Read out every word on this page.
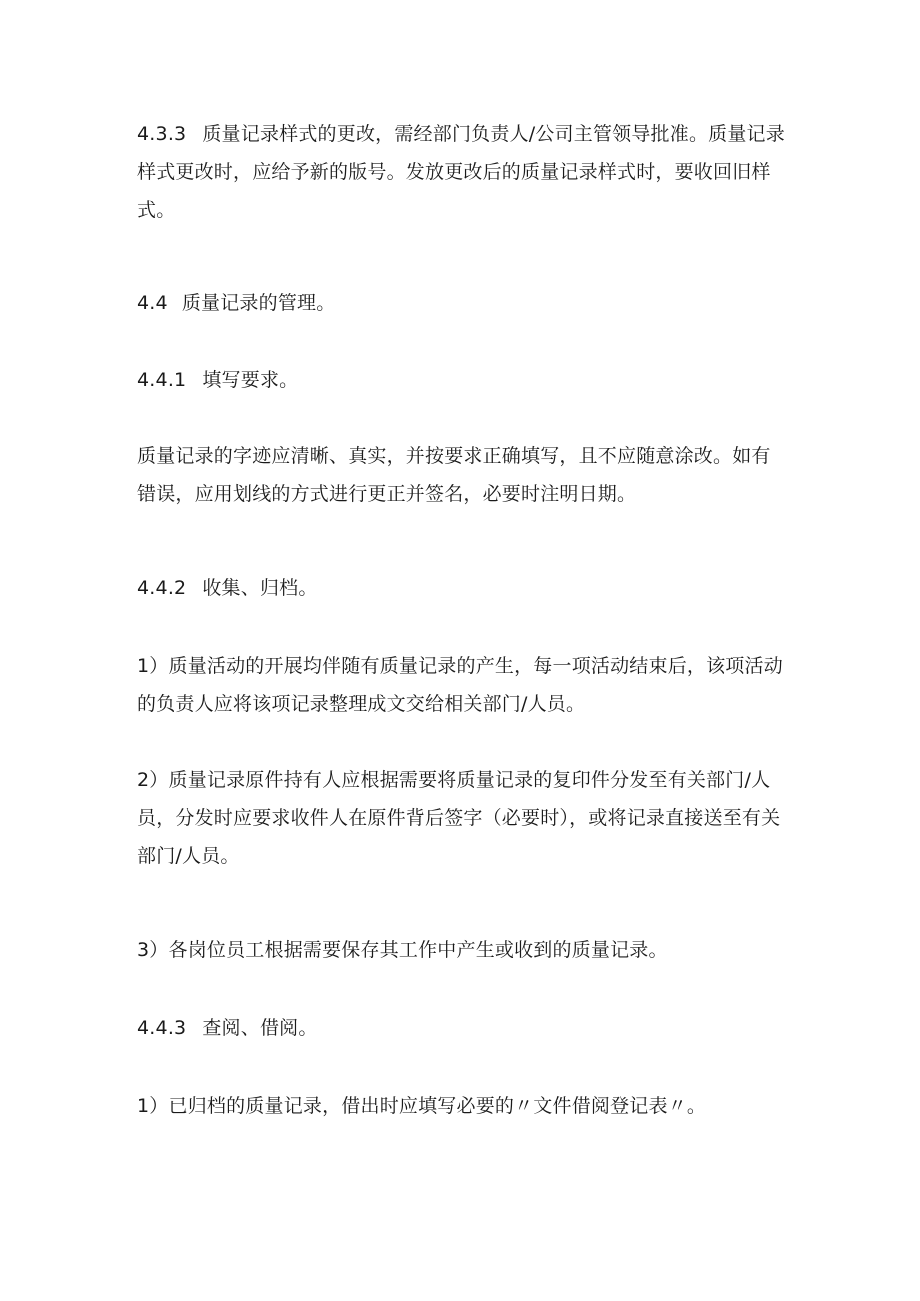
4.3.3 质量记录样式的更改，需经部门负责人/公司主管领导批准。质量记录样式更改时，应给予新的版号。发放更改后的质量记录样式时，要收回旧样式。

4.4 质量记录的管理。

4.4.1 填写要求。

质量记录的字迹应清晰、真实，并按要求正确填写，且不应随意涂改。如有错误，应用划线的方式进行更正并签名，必要时注明日期。

4.4.2 收集、归档。

1）质量活动的开展均伴随有质量记录的产生，每一项活动结束后，该项活动的负责人应将该项记录整理成文交给相关部门/人员。

2）质量记录原件持有人应根据需要将质量记录的复印件分发至有关部门/人员，分发时应要求收件人在原件背后签字（必要时），或将记录直接送至有关部门/人员。

3）各岗位员工根据需要保存其工作中产生或收到的质量记录。

4.4.3 查阅、借阅。

1）已归档的质量记录，借出时应填写必要的〃文件借阅登记表〃。
